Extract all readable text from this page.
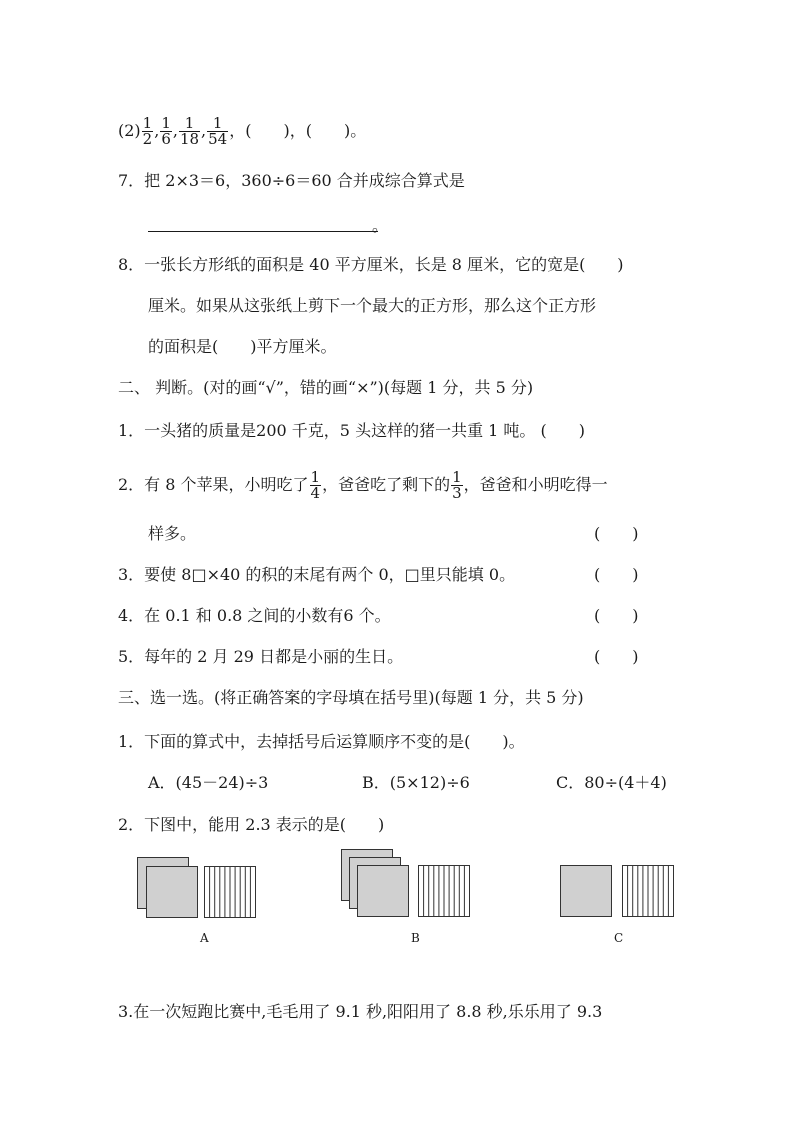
$(2) \frac{1}{2}$ , $\frac{1}{6}$ , $\frac{1}{18}$ , $\frac{1}{54}$ ，(　　)，(　　)。
7．把 2×3＝6，360÷6＝60 合并成综合算式是
。
8．一张长方形纸的面积是 40 平方厘米，长是 8 厘米，它的宽是(　　)
厘米。如果从这张纸上剪下一个最大的正方形，那么这个正方形
的面积是(　　)平方厘米。
二、 判断。(对的画“√”，错的画“×”)(每题 1 分，共 5 分)
1．一头猪的质量是200 千克，5 头这样的猪一共重 1 吨。 (　　)
2．有 8 个苹果，小明吃了 $\frac{1}{4}$ ，爸爸吃了剩下的 $\frac{1}{3}$ ，爸爸和小明吃得一
样多。	(　　)
3．要使 8□×40 的积的末尾有两个 0，□里只能填 0。	(　　)
4．在 0.1 和 0.8 之间的小数有6 个。	(　　)
5．每年的 2 月 29 日都是小丽的生日。	(　　)
三、选一选。(将正确答案的字母填在括号里)(每题 1 分，共 5 分)
1．下面的算式中，去掉括号后运算顺序不变的是(　　)。
A．(45－24)÷3	B．(5×12)÷6	C．80÷(4＋4)
2．下图中，能用 2.3 表示的是(　　)
A	B	C
3.在一次短跑比赛中,毛毛用了 9.1 秒,阳阳用了 8.8 秒,乐乐用了 9.3
